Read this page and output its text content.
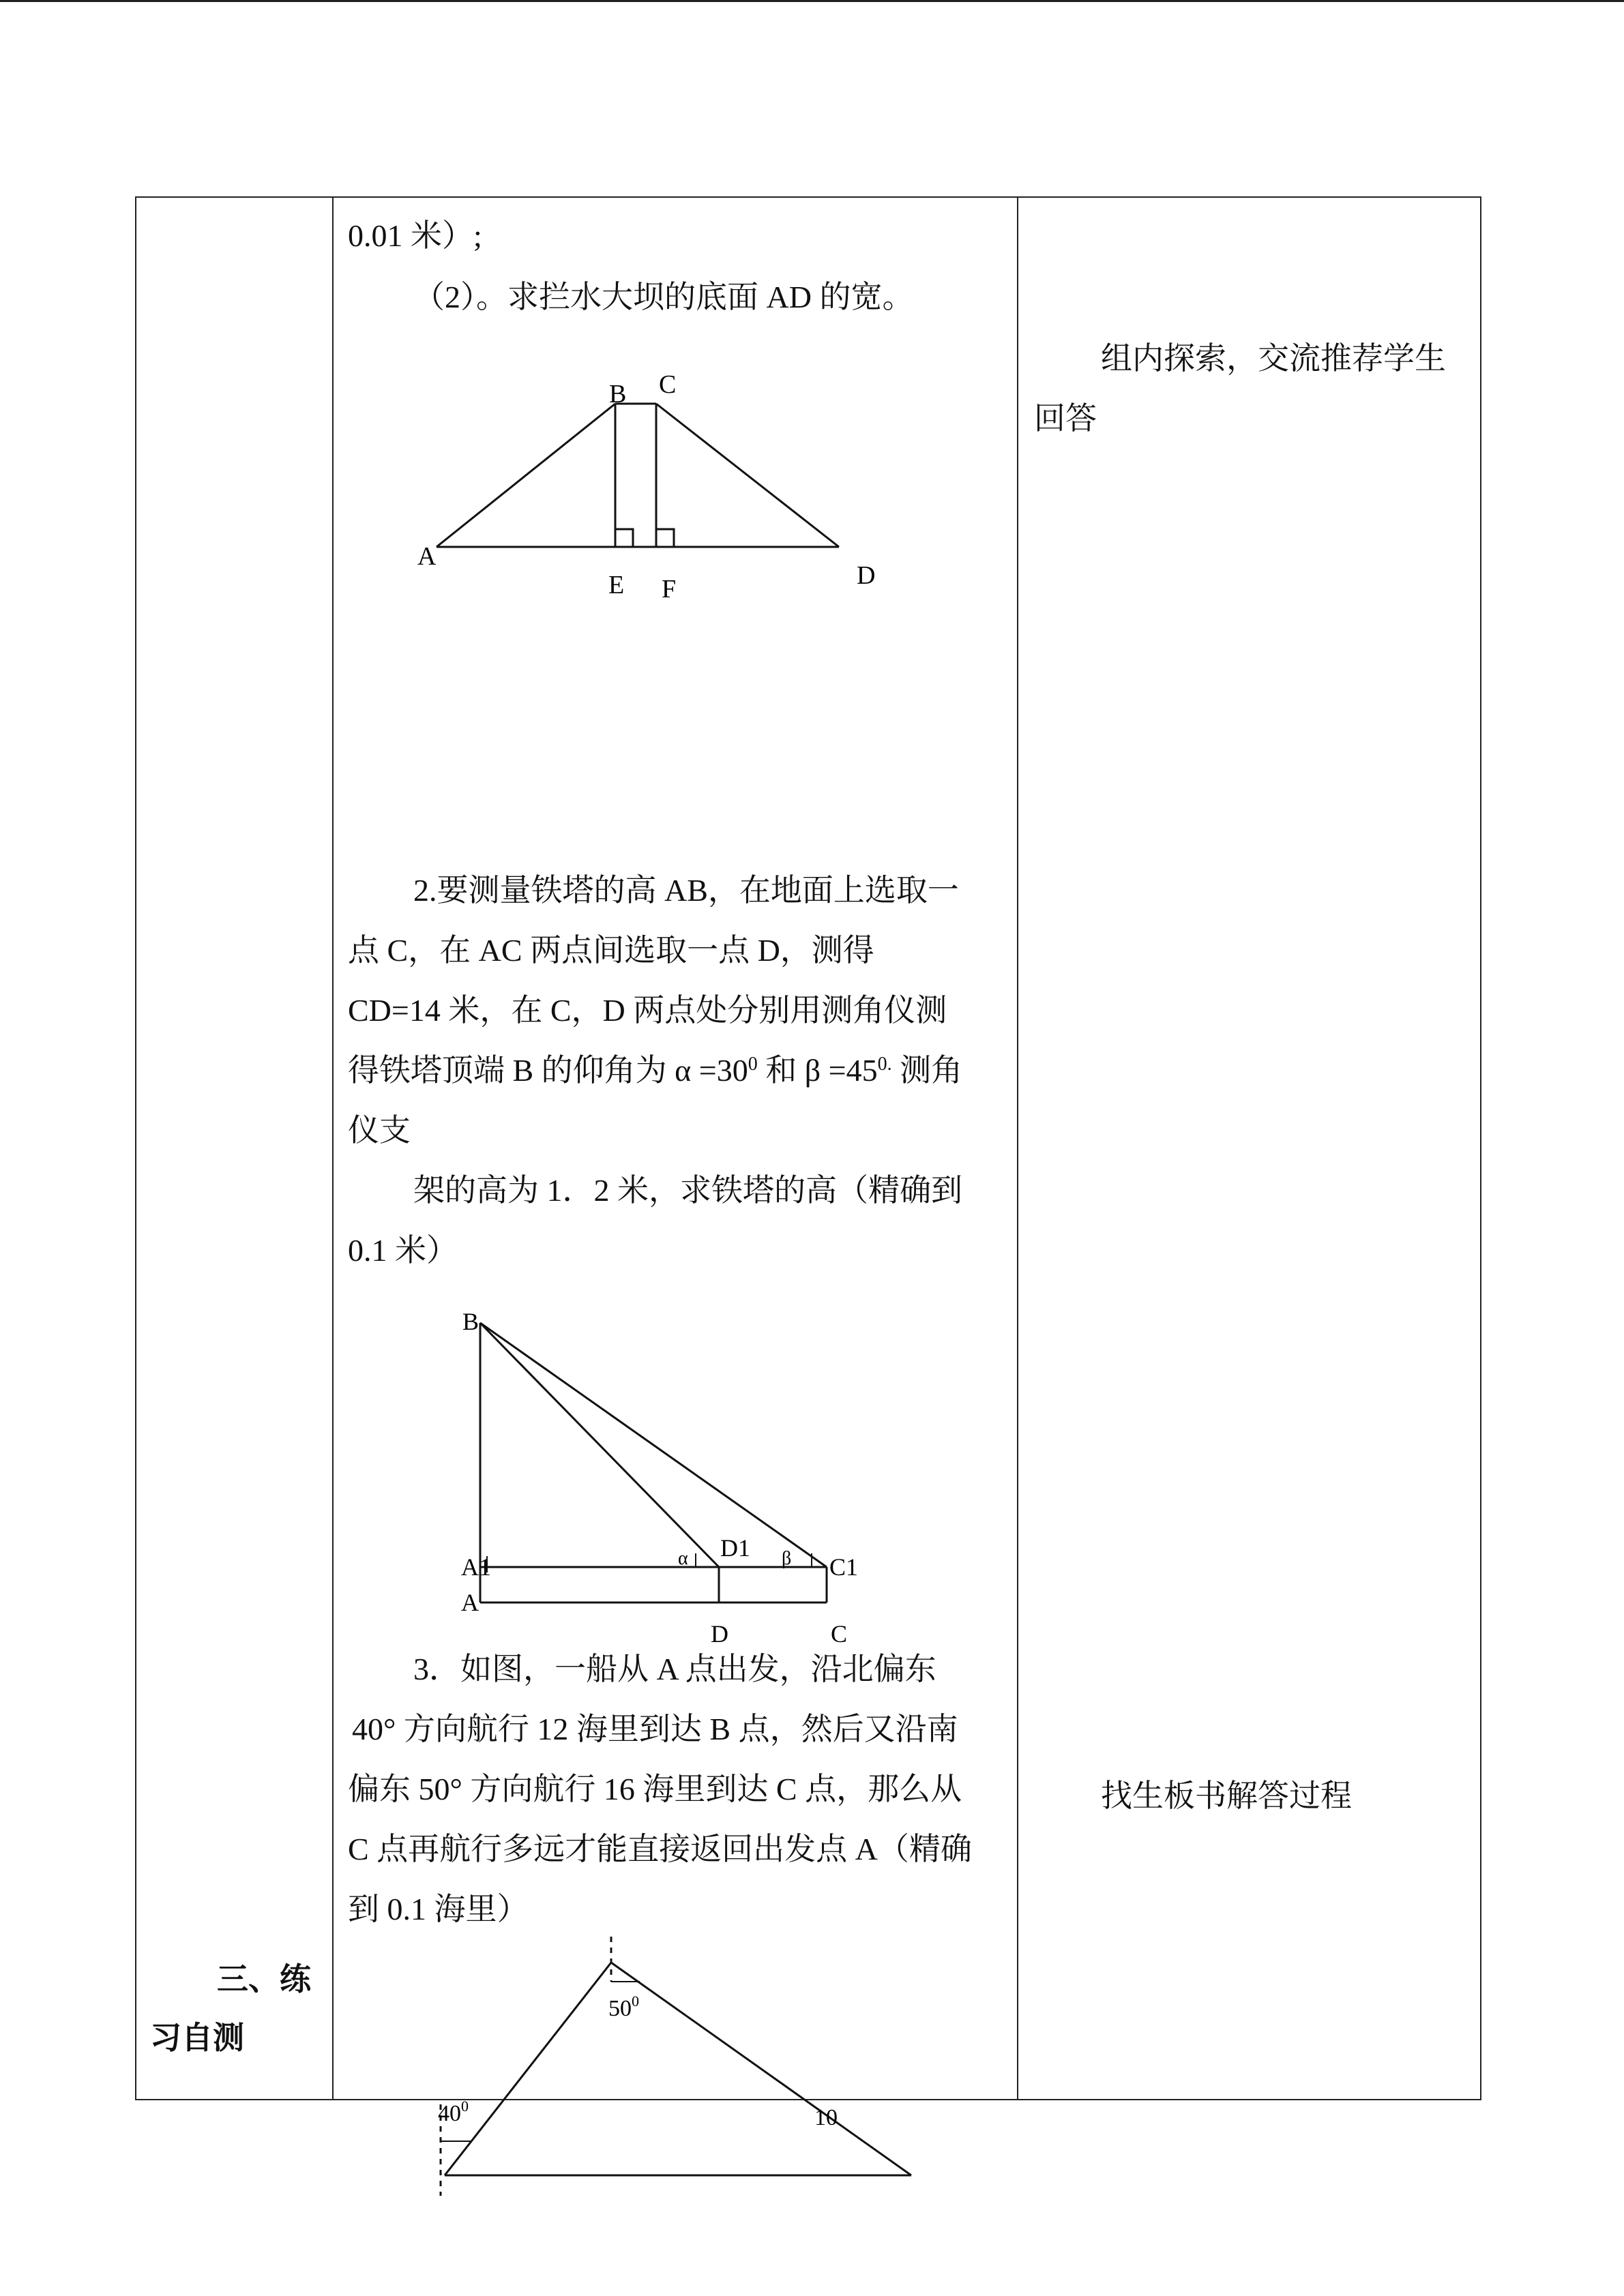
三、练
习自测
0.01 米）;
（2）。求拦水大坝的底面 AD 的宽。
B C
A
E F	D
2.要测量铁塔的高 AB，在地面上选取一
点 C，在 AC 两点间选取一点 D，测得
CD=14 米，在 C，D 两点处分别用测角仪测
得铁塔顶端 B 的仰角为 $\alpha =30^0$ 和 $\beta =45^{0.}$ 测角
仪支
架的高为 1．2 米，求铁塔的高（精确到
0.1 米）
B
A1
A
D1
C1
D	C
α	β
3．如图，一船从 A 点出发，沿北偏东
40° 方向航行 12 海里到达 B 点，然后又沿南
偏东 50° 方向航行 16 海里到达 C 点，那么从
C 点再航行多远才能直接返回出发点 A（精确
到 0.1 海里）
$50^0$
$40^0$	10
组内探索，交流推荐学生
回答
找生板书解答过程
